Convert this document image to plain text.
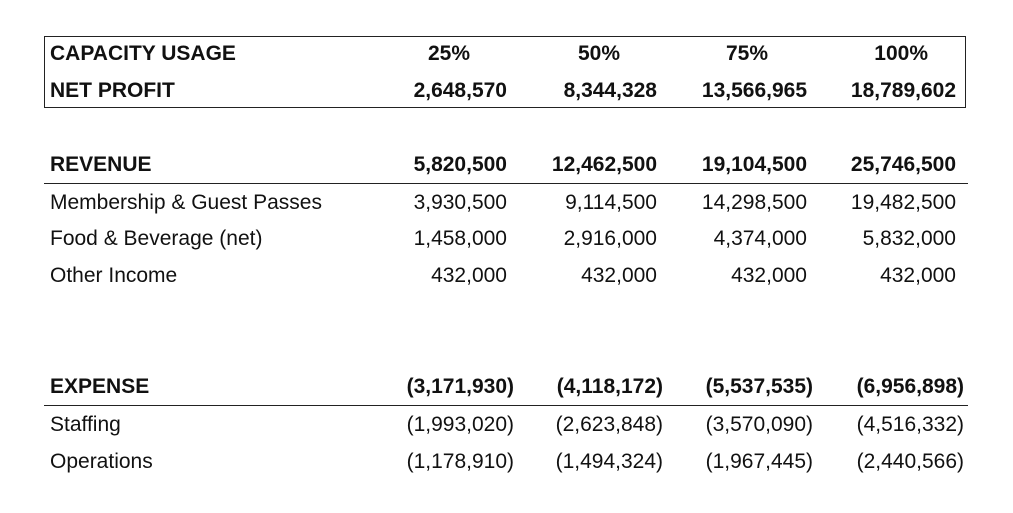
CAPACITY USAGE	25%	50%	75%	100%
NET PROFIT	2,648,570	8,344,328 13,566,965 18,789,602
REVENUE	5,820,500 12,462,500 19,104,500 25,746,500
Membership & Guest Passes	3,930,500	9,114,500 14,298,500 19,482,500
Food & Beverage (net)	1,458,000	2,916,000	4,374,000	5,832,000
Other Income	432,000	432,000	432,000	432,000
EXPENSE	(3,171,930) (4,118,172) (5,537,535) (6,956,898)
Staffing	(1,993,020) (2,623,848) (3,570,090) (4,516,332)
Operations	(1,178,910) (1,494,324) (1,967,445) (2,440,566)
